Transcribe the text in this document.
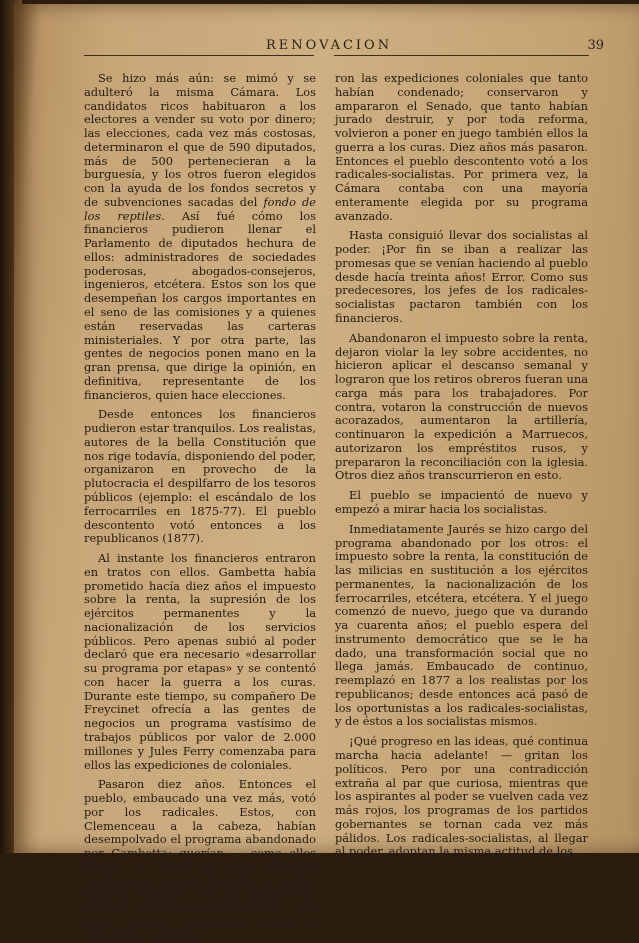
RENOVACION	39

Se hizo más aún: se mimó y se adulteró la misma Cámara. Los candidatos ricos habituaron a los electores a vender su voto por dinero; las elecciones, cada vez más costosas, determinaron el que de 590 diputados, más de 500 pertenecieran a la burguesía, y los otros fueron elegidos con la ayuda de los fondos secretos y de subvenciones sacadas del fondo de los reptiles. Así fué cómo los financieros pudieron llenar el Parlamento de diputados hechura de ellos: administradores de sociedades poderosas, abogados-consejeros, ingenieros, etcétera. Estos son los que desempeñan los cargos importantes en el seno de las comisiones y a quienes están reservadas las carteras ministeriales. Y por otra parte, las gentes de negocios ponen mano en la gran prensa, que dirige la opinión, en definitiva, representante de los financieros, quien hace elecciones.

Desde entonces los financieros pudieron estar tranquilos. Los realistas, autores de la bella Constitución que nos rige todavía, disponiendo del poder, organizaron en provecho de la plutocracia el despilfarro de los tesoros públicos (ejemplo: el escándalo de los ferrocarriles en 1875-77). El pueblo descontento votó entonces a los republicanos (1877).

Al instante los financieros entraron en tratos con ellos. Gambetta había prometido hacía diez años el impuesto sobre la renta, la supresión de los ejércitos permanentes y la nacionalización de los servicios públicos. Pero apenas subió al poder declaró que era necesario «desarrollar su programa por etapas» y se contentó con hacer la guerra a los curas. Durante este tiempo, su compañero De Freycinet ofrecía a las gentes de negocios un programa vastísimo de trabajos públicos por valor de 2.000 millones y Jules Ferry comenzaba para ellos las expediciones de coloniales.

Pasaron diez años. Entonces el pueblo, embaucado una vez más, votó por los radicales. Estos, con Clemenceau a la cabeza, habían desempolvado el programa abandonado por Gambetta; querían — como ellos decían — llevar a cabo reformas «radicales». Apenas llegados al poder, trataron también con los financieros; votaron los programas navales, que tanto habían combatido desde la oposición; continua-

ron las expediciones coloniales que tanto habían condenado; conservaron y ampararon el Senado, que tanto habían jurado destruir, y por toda reforma, volvieron a poner en juego también ellos la guerra a los curas. Diez años más pasaron. Entonces el pueblo descontento votó a los radicales-socialistas. Por primera vez, la Cámara contaba con una mayoría enteramente elegida por su programa avanzado.

Hasta consiguió llevar dos socialistas al poder. ¡Por fin se iban a realizar las promesas que se venían haciendo al pueblo desde hacía treinta años! Error. Como sus predecesores, los jefes de los radicales-socialistas pactaron también con los financieros.

Abandonaron el impuesto sobre la renta, dejaron violar la ley sobre accidentes, no hicieron aplicar el descanso semanal y lograron que los retiros obreros fueran una carga más para los trabajadores. Por contra, votaron la construcción de nuevos acorazados, aumentaron la artillería, continuaron la expedición a Marruecos, autorizaron los empréstitos rusos, y prepararon la reconciliación con la iglesia. Otros diez años transcurrieron en esto.

El pueblo se impacientó de nuevo y empezó a mirar hacia los socialistas.

Inmediatamente Jaurés se hizo cargo del programa abandonado por los otros: el impuesto sobre la renta, la constitución de las milicias en sustitución a los ejércitos permanentes, la nacionalización de los ferrocarriles, etcétera, etcétera. Y el juego comenzó de nuevo, juego que va durando ya cuarenta años; el pueblo espera del instrumento democrático que se le ha dado, una transformación social que no llega jamás. Embaucado de continuo, reemplazó en 1877 a los realistas por los republicanos; desde entonces acá pasó de los oportunistas a los radicales-socialistas, y de éstos a los socialistas mismos.

¡Qué progreso en las ideas, qué continua marcha hacia adelante! — gritan los políticos. Pero por una contradicción extraña al par que curiosa, mientras que los aspirantes al poder se vuelven cada vez más rojos, los programas de los partidos gobernantes se tornan cada vez más pálidos. Los radicales-socialistas, al llegar al poder, adoptan la misma actitud de los
